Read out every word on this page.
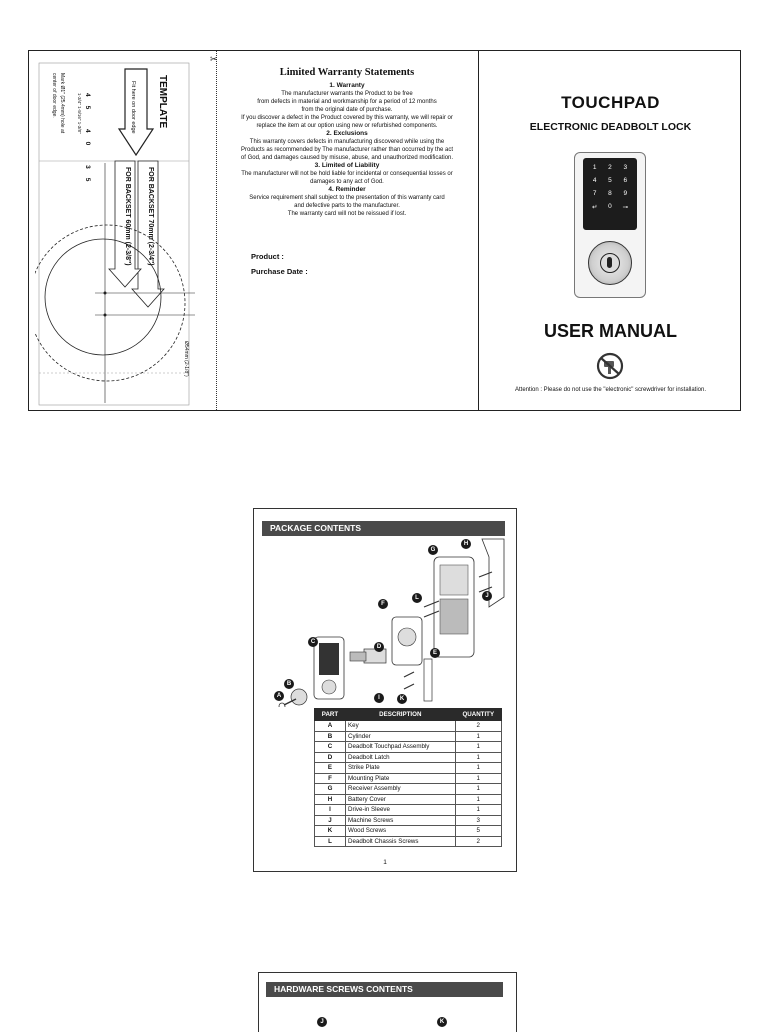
✂
TEMPLATE
Fit here on door edge
FOR BACKSET 70mm (2-3/4")
FOR BACKSET 60mm (2-3/8")
Mark Ø1" (25.4mm) hole at
center of door edge.	45 40 35
1-3/4" 1-9/16" 1-3/8"
Ø54mm (2-1/8")
Limited Warranty Statements
1. Warranty

The manufacturer warrants the Product to be free

from defects in material and workmanship for a period of 12 months

from the original date of purchase.

If you discover a defect in the Product covered by this warranty, we will repair or

replace the item at our option using new or refurbished components.

2. Exclusions

This warranty covers defects in manufacturing discovered while using the

Products as recommended by The manufacturer rather than occurred by the act

of God, and damages caused by misuse, abuse, and unauthorized modification.

3. Limited of Liability

The manufacturer will not be hold liable for incidental or consequential losses or

damages to any act of God.

4. Reminder

Service requirement shall subject to the presentation of this warranty card

and defective parts to the manufacturer.

The warranty card will not be reissued if lost.

Product :
Purchase Date :
TOUCHPAD
ELECTRONIC DEADBOLT LOCK
1	2	3
4	5	6
7	8	9
↵	0	⊸
USER MANUAL
Attention : Please do not use the "electronic" screwdriver for installation.
PACKAGE CONTENTS
A
B
C
D
E
F
G
H
I
J
K
L
PART	DESCRIPTION	QUANTITY
A	Key	2
B	Cylinder	1
C	Deadbolt Touchpad Assembly	1
D	Deadbolt Latch	1
E	Strike Plate	1
F	Mounting Plate	1
G	Receiver Assembly	1
H	Battery Cover	1
I	Drive-in Sleeve	1
J	Machine Screws	3
K	Wood Screws	5
L	Deadbolt Chassis Screws	2
1
HARDWARE SCREWS CONTENTS
J	K
